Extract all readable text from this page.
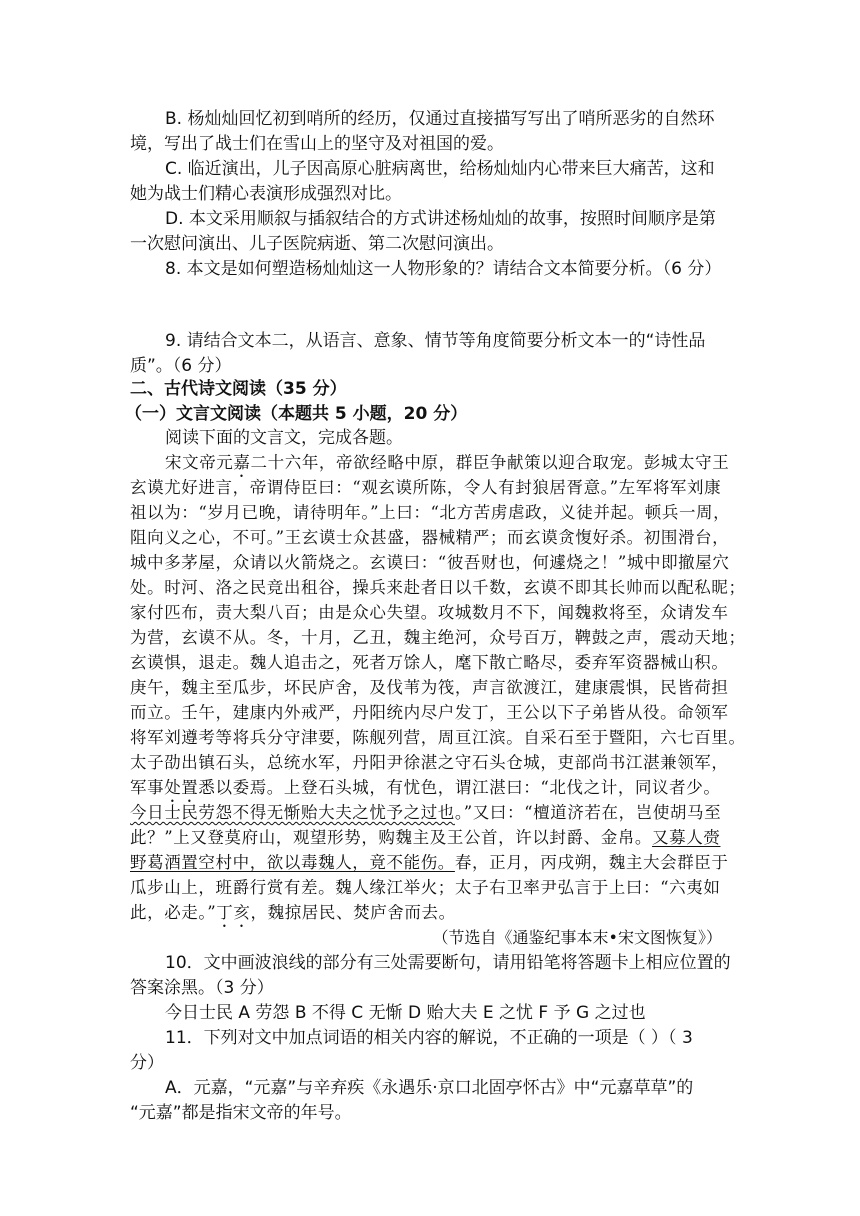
B. 杨灿灿回忆初到哨所的经历，仅通过直接描写写出了哨所恶劣的自然环
境，写出了战士们在雪山上的坚守及对祖国的爱。
C. 临近演出，儿子因高原心脏病离世，给杨灿灿内心带来巨大痛苦，这和
她为战士们精心表演形成强烈对比。
D. 本文采用顺叙与插叙结合的方式讲述杨灿灿的故事，按照时间顺序是第
一次慰问演出、儿子医院病逝、第二次慰问演出。
8. 本文是如何塑造杨灿灿这一人物形象的？请结合文本简要分析。（6 分）
9. 请结合文本二，从语言、意象、情节等角度简要分析文本一的“诗性品
质”。（6 分）
二、古代诗文阅读（35 分）
（一）文言文阅读（本题共 5 小题，20 分）
阅读下面的文言文，完成各题。
宋文帝元嘉二十六年，帝欲经略中原，群臣争献策以迎合取宠。彭城太守王
玄谟尤好进言，帝谓侍臣曰：“观玄谟所陈，令人有封狼居胥意。”左军将军刘康
祖以为：“岁月已晚，请待明年。”上曰：“北方苦虏虐政，义徒并起。顿兵一周，
阻向义之心，不可。”王玄谟士众甚盛，器械精严；而玄谟贪愎好杀。初围滑台，
城中多茅屋，众请以火箭烧之。玄谟曰：“彼吾财也，何遽烧之！”城中即撤屋穴
处。时河、洛之民竞出租谷，操兵来赴者日以千数，玄谟不即其长帅而以配私昵；
家付匹布，责大梨八百；由是众心失望。攻城数月不下，闻魏救将至，众请发车
为营，玄谟不从。冬，十月，乙丑，魏主绝河，众号百万，鞞鼓之声，震动天地；
玄谟惧，退走。魏人追击之，死者万馀人，麾下散亡略尽，委弃军资器械山积。
庚午，魏主至瓜步，坏民庐舍，及伐苇为筏，声言欲渡江，建康震惧，民皆荷担
而立。壬午，建康内外戒严，丹阳统内尽户发丁，王公以下子弟皆从役。命领军
将军刘遵考等将兵分守津要，陈舰列营，周亘江滨。自采石至于暨阳，六七百里。
太子劭出镇石头，总统水军，丹阳尹徐湛之守石头仓城，吏部尚书江湛兼领军，
军事处置悉以委焉。上登石头城，有忧色，谓江湛曰：“北伐之计，同议者少。
今日士民劳怨不得无惭贻大夫之忧予之过也。”又曰：“檀道济若在，岂使胡马至
此？”上又登莫府山，观望形势，购魏主及王公首，许以封爵、金帛。又募人赍
野葛酒置空村中，欲以毒魏人，竟不能伤。春，正月，丙戌朔，魏主大会群臣于
瓜步山上，班爵行赏有差。魏人缘江举火；太子右卫率尹弘言于上曰：“六夷如
此，必走。”丁亥，魏掠居民、焚庐舍而去。
（节选自《通鉴纪事本末•宋文图恢复》）
10．文中画波浪线的部分有三处需要断句，请用铅笔将答题卡上相应位置的
答案涂黑。（3 分）
今日士民 A 劳怨 B 不得 C 无惭 D 贻大夫 E 之忧 F 予 G 之过也
11．下列对文中加点词语的相关内容的解说，不正确的一项是（ ）（ 3
分）
A．元嘉，“元嘉”与辛弃疾《永遇乐·京口北固亭怀古》中“元嘉草草”的
“元嘉”都是指宋文帝的年号。
